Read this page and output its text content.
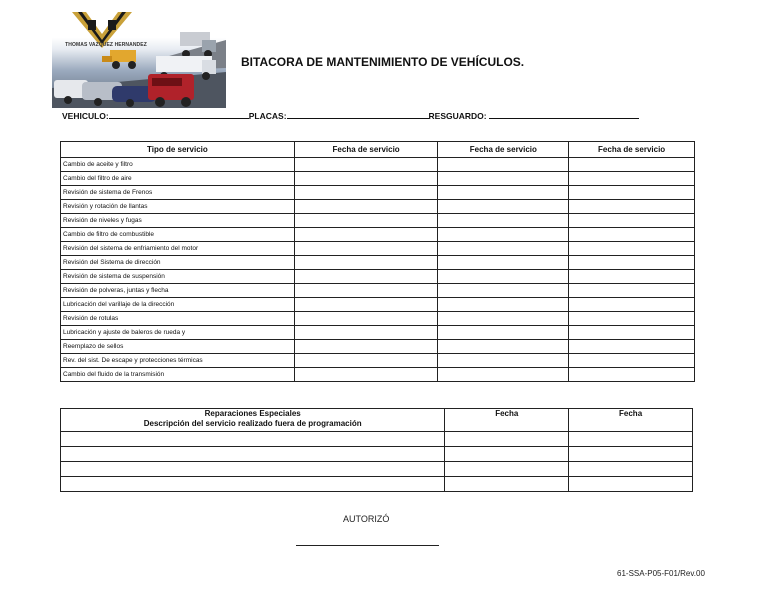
THOMAS VAZQUEZ HERNANDEZ
BITACORA DE MANTENIMIENTO DE VEHÍCULOS.
VEHICULO:	PLACAS:	RESGUARDO:
Tipo de servicio	Fecha de servicio	Fecha de servicio	Fecha de servicio
Cambio de aceite y filtro			
Cambio del filtro de aire			
Revisión de sistema de Frenos			
Revisión y rotación de llantas			
Revisión de niveles y fugas			
Cambio de filtro de combustible			
Revisión del sistema de enfriamiento del motor			
Revisión del Sistema de dirección			
Revisión de sistema de suspensión			
Revisión de polveras, juntas y flecha			
Lubricación del varillaje de la dirección			
Revisión de rotulas			
Lubricación y ajuste de baleros de rueda y			
Reemplazo de sellos			
Rev. del sist. De escape y protecciones térmicas			
Cambio del fluido de la transmisión			
Reparaciones Especiales
Descripción del servicio realizado fuera de programación	Fecha	Fecha

AUTORIZÓ
61-SSA-P05-F01/Rev.00
